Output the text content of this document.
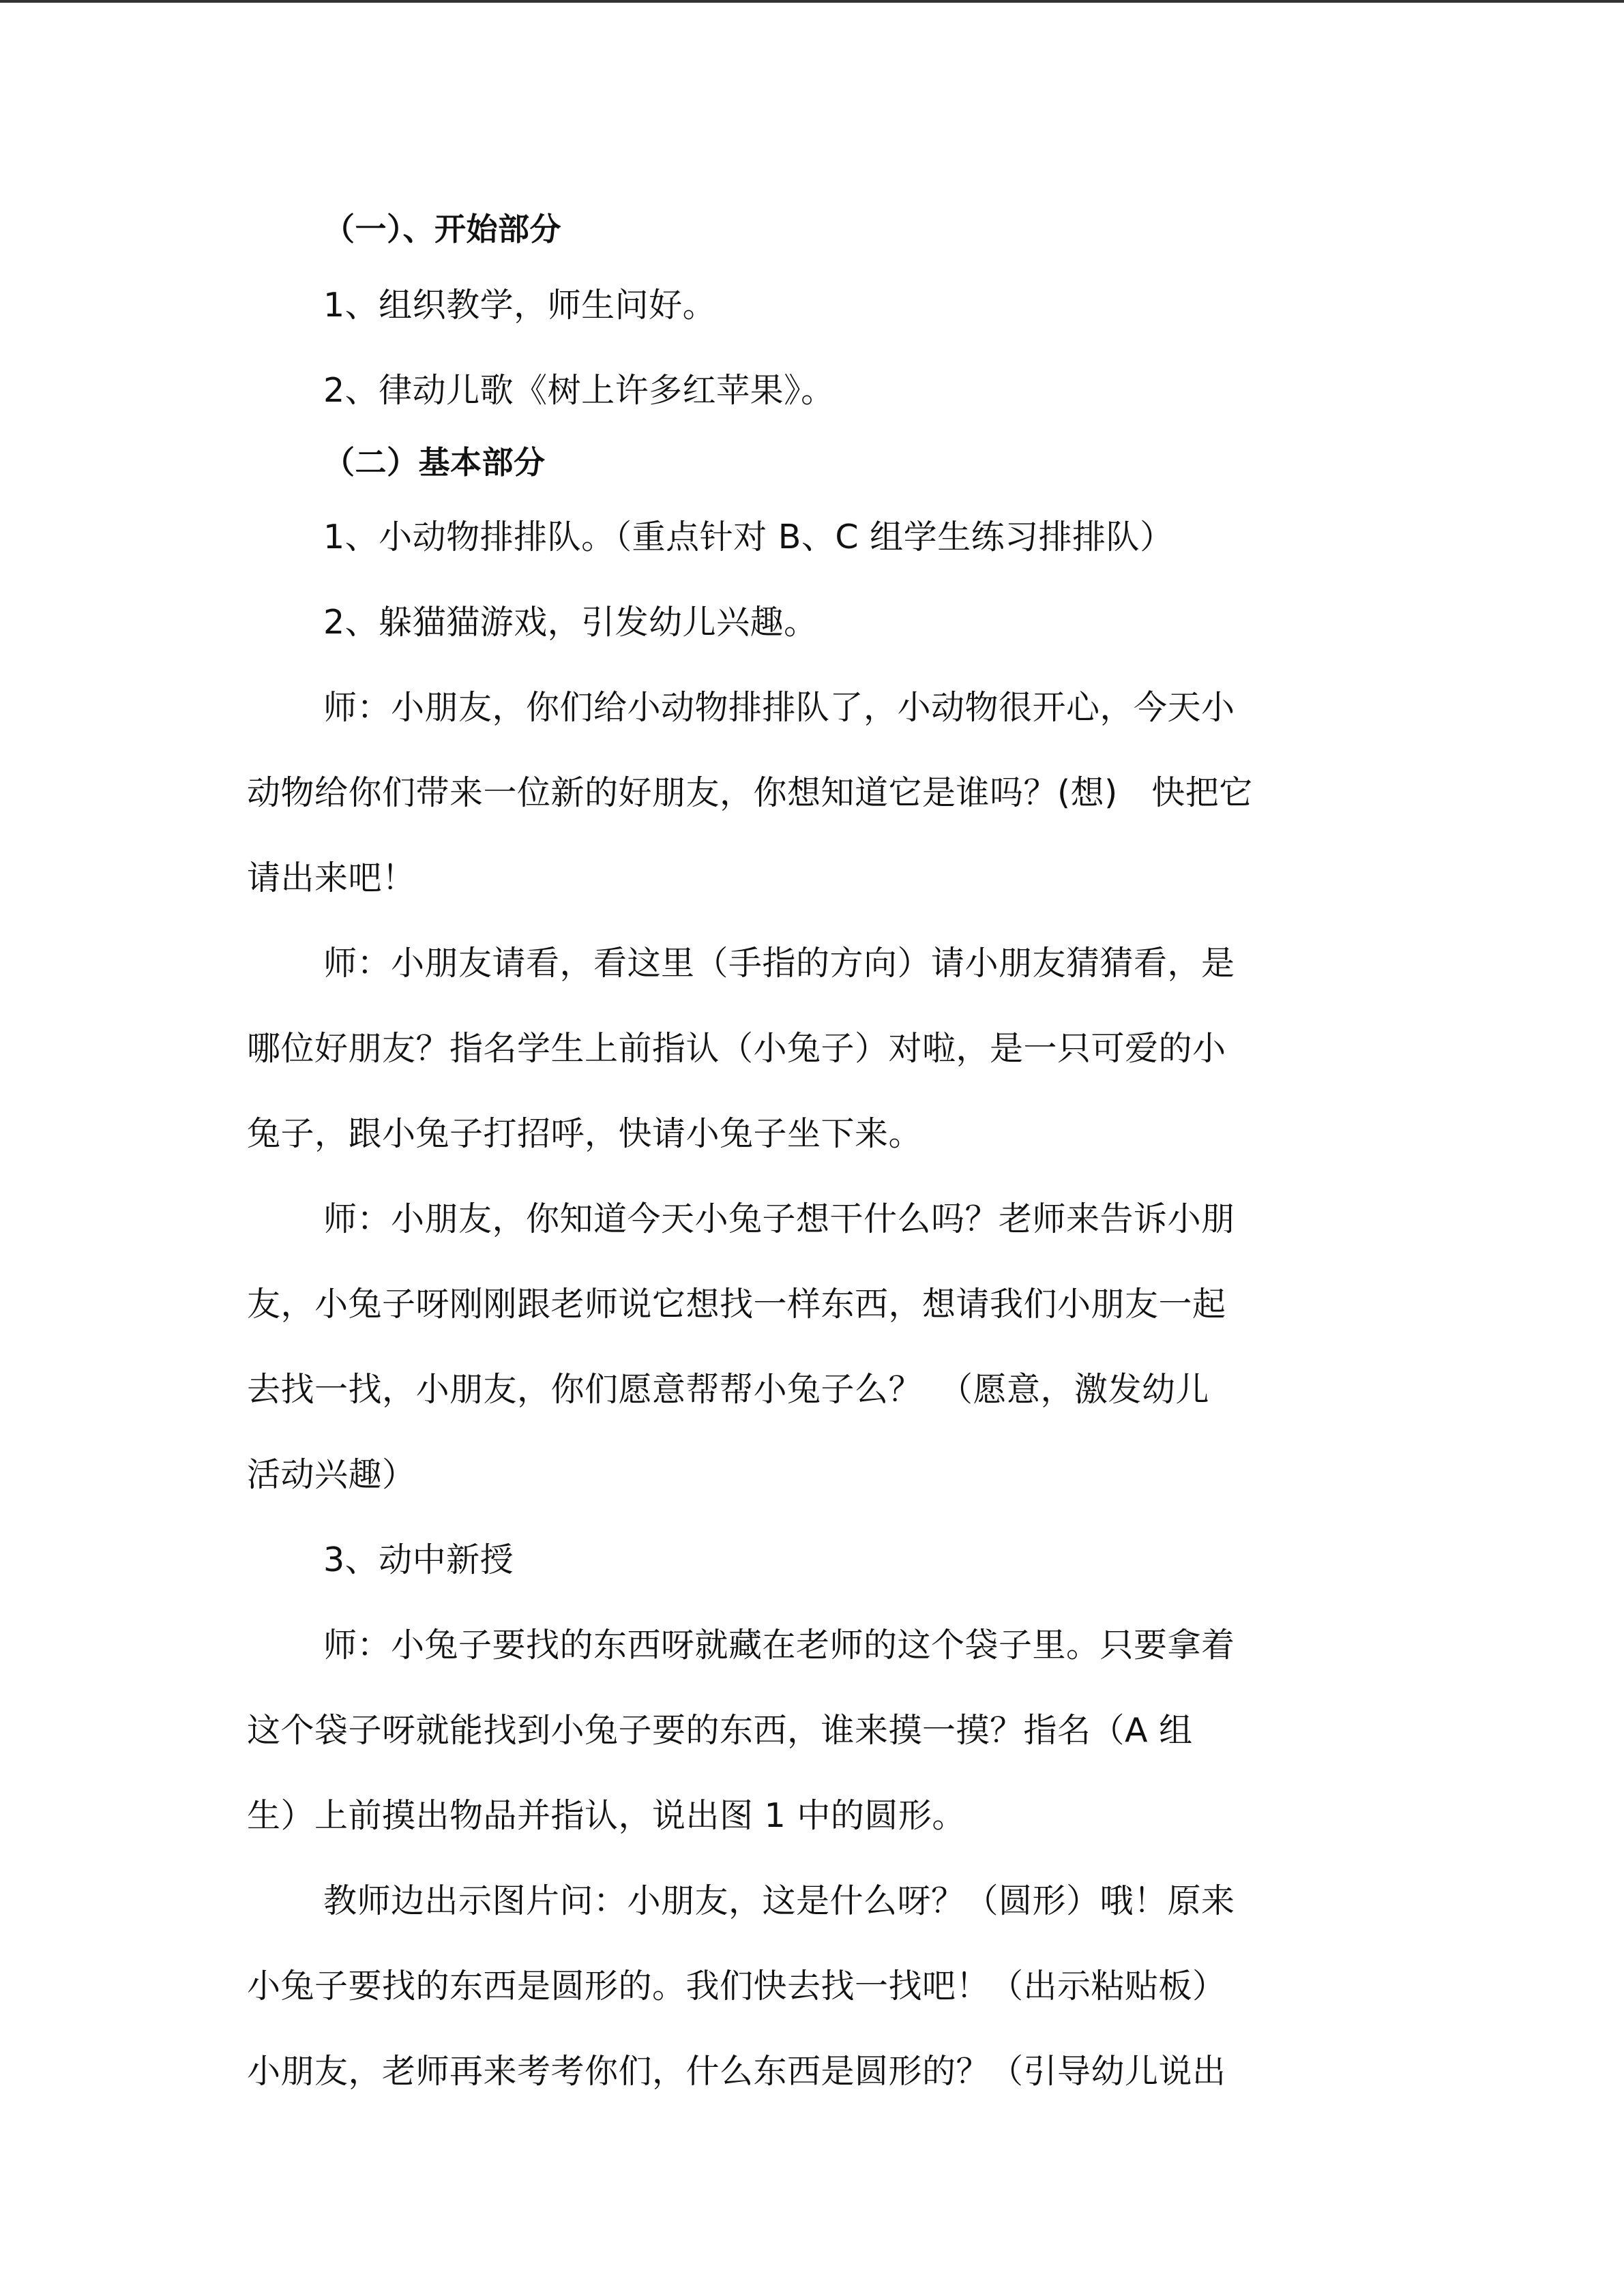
（一）、开始部分
1、组织教学，师生问好。
2、律动儿歌《树上许多红苹果》。
（二）基本部分
1、小动物排排队。（重点针对 B、C 组学生练习排排队）
2、躲猫猫游戏，引发幼儿兴趣。
师：小朋友，你们给小动物排排队了，小动物很开心，今天小
动物给你们带来一位新的好朋友，你想知道它是谁吗？(想)　快把它
请出来吧！
师：小朋友请看，看这里（手指的方向）请小朋友猜猜看，是
哪位好朋友？指名学生上前指认（小兔子）对啦，是一只可爱的小
兔子，跟小兔子打招呼，快请小兔子坐下来。
师：小朋友，你知道今天小兔子想干什么吗？老师来告诉小朋
友，小兔子呀刚刚跟老师说它想找一样东西，想请我们小朋友一起
去找一找，小朋友，你们愿意帮帮小兔子么？　（愿意，激发幼儿
活动兴趣）
3、动中新授
师：小兔子要找的东西呀就藏在老师的这个袋子里。只要拿着
这个袋子呀就能找到小兔子要的东西，谁来摸一摸？指名（A 组
生）上前摸出物品并指认，说出图 1 中的圆形。
教师边出示图片问：小朋友，这是什么呀？（圆形）哦！原来
小兔子要找的东西是圆形的。我们快去找一找吧！（出示粘贴板）
小朋友，老师再来考考你们，什么东西是圆形的？（引导幼儿说出
